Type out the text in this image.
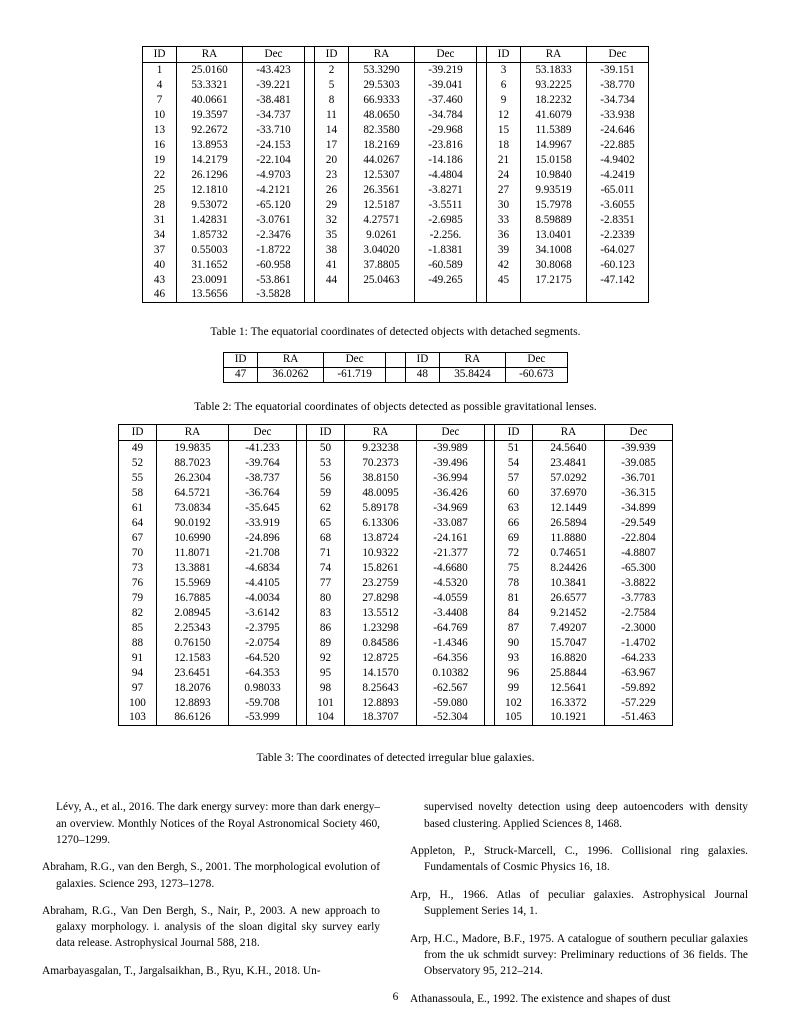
ID	RA	Dec		ID	RA	Dec		ID	RA	Dec
1	25.0160	-43.423		2	53.3290	-39.219		3	53.1833	-39.151
4	53.3321	-39.221		5	29.5303	-39.041		6	93.2225	-38.770
7	40.0661	-38.481		8	66.9333	-37.460		9	18.2232	-34.734
10	19.3597	-34.737		11	48.0650	-34.784		12	41.6079	-33.938
13	92.2672	-33.710		14	82.3580	-29.968		15	11.5389	-24.646
16	13.8953	-24.153		17	18.2169	-23.816		18	14.9967	-22.885
19	14.2179	-22.104		20	44.0267	-14.186		21	15.0158	-4.9402
22	26.1296	-4.9703		23	12.5307	-4.4804		24	10.9840	-4.2419
25	12.1810	-4.2121		26	26.3561	-3.8271		27	9.93519	-65.011
28	9.53072	-65.120		29	12.5187	-3.5511		30	15.7978	-3.6055
31	1.42831	-3.0761		32	4.27571	-2.6985		33	8.59889	-2.8351
34	1.85732	-2.3476		35	9.0261	-2.256.		36	13.0401	-2.2339
37	0.55003	-1.8722		38	3.04020	-1.8381		39	34.1008	-64.027
40	31.1652	-60.958		41	37.8805	-60.589		42	30.8068	-60.123
43	23.0091	-53.861		44	25.0463	-49.265		45	17.2175	-47.142
46	13.5656	-3.5828								

Table 1: The equatorial coordinates of detected objects with detached segments.

ID	RA	Dec		ID	RA	Dec
47	36.0262	-61.719		48	35.8424	-60.673

Table 2: The equatorial coordinates of objects detected as possible gravitational lenses.

ID	RA	Dec		ID	RA	Dec		ID	RA	Dec
49	19.9835	-41.233		50	9.23238	-39.989		51	24.5640	-39.939
52	88.7023	-39.764		53	70.2373	-39.496		54	23.4841	-39.085
55	26.2304	-38.737		56	38.8150	-36.994		57	57.0292	-36.701
58	64.5721	-36.764		59	48.0095	-36.426		60	37.6970	-36.315
61	73.0834	-35.645		62	5.89178	-34.969		63	12.1449	-34.899
64	90.0192	-33.919		65	6.13306	-33.087		66	26.5894	-29.549
67	10.6990	-24.896		68	13.8724	-24.161		69	11.8880	-22.804
70	11.8071	-21.708		71	10.9322	-21.377		72	0.74651	-4.8807
73	13.3881	-4.6834		74	15.8261	-4.6680		75	8.24426	-65.300
76	15.5969	-4.4105		77	23.2759	-4.5320		78	10.3841	-3.8822
79	16.7885	-4.0034		80	27.8298	-4.0559		81	26.6577	-3.7783
82	2.08945	-3.6142		83	13.5512	-3.4408		84	9.21452	-2.7584
85	2.25343	-2.3795		86	1.23298	-64.769		87	7.49207	-2.3000
88	0.76150	-2.0754		89	0.84586	-1.4346		90	15.7047	-1.4702
91	12.1583	-64.520		92	12.8725	-64.356		93	16.8820	-64.233
94	23.6451	-64.353		95	14.1570	0.10382		96	25.8844	-63.967
97	18.2076	0.98033		98	8.25643	-62.567		99	12.5641	-59.892
100	12.8893	-59.708		101	12.8893	-59.080		102	16.3372	-57.229
103	86.6126	-53.999		104	18.3707	-52.304		105	10.1921	-51.463

Table 3: The coordinates of detected irregular blue galaxies.

Lévy, A., et al., 2016. The dark energy survey: more than dark energy–an overview. Monthly Notices of the Royal Astronomical Society 460, 1270–1299.

Abraham, R.G., van den Bergh, S., 2001. The morphological evolution of galaxies. Science 293, 1273–1278.

Abraham, R.G., Van Den Bergh, S., Nair, P., 2003. A new approach to galaxy morphology. i. analysis of the sloan digital sky survey early data release. Astrophysical Journal 588, 218.

Amarbayasgalan, T., Jargalsaikhan, B., Ryu, K.H., 2018. Un-

supervised novelty detection using deep autoencoders with density based clustering. Applied Sciences 8, 1468.

Appleton, P., Struck-Marcell, C., 1996. Collisional ring galaxies. Fundamentals of Cosmic Physics 16, 18.

Arp, H., 1966. Atlas of peculiar galaxies. Astrophysical Journal Supplement Series 14, 1.

Arp, H.C., Madore, B.F., 1975. A catalogue of southern peculiar galaxies from the uk schmidt survey: Preliminary reductions of 36 fields. The Observatory 95, 212–214.

Athanassoula, E., 1992. The existence and shapes of dust

6
